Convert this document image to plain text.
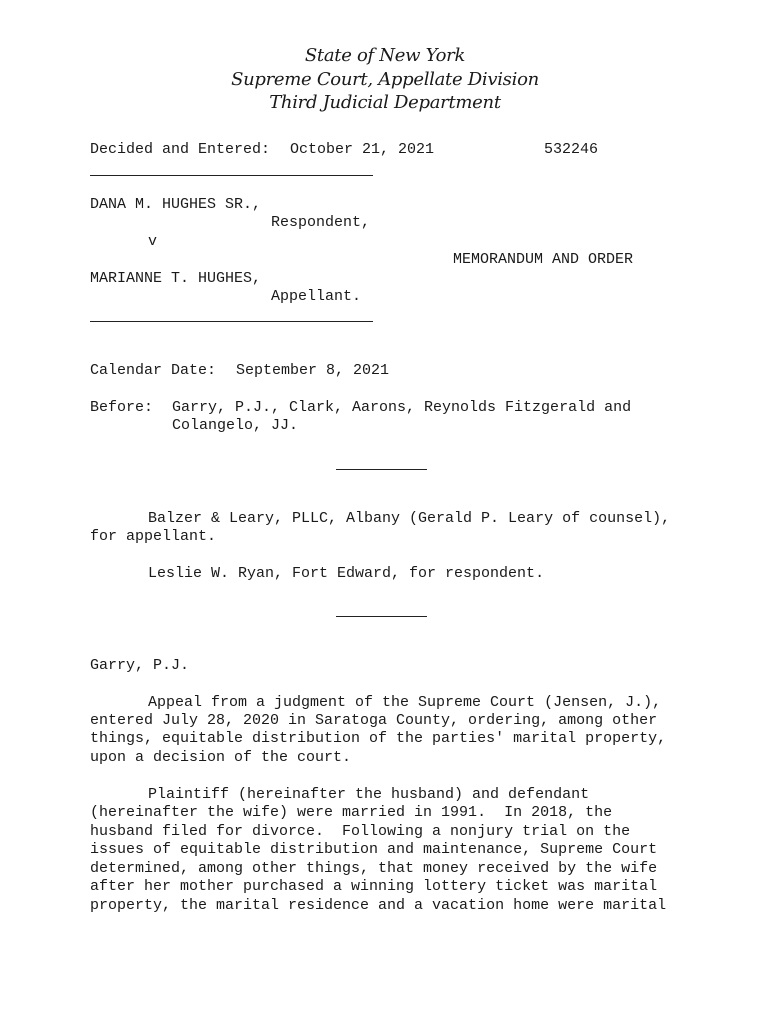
State of New York
Supreme Court, Appellate Division
Third Judicial Department
Decided and Entered: October 21, 2021	532246
DANA M. HUGHES SR.,
Respondent,
v
MEMORANDUM AND ORDER
MARIANNE T. HUGHES,
Appellant.
Calendar Date: September 8, 2021
Before: Garry, P.J., Clark, Aarons, Reynolds Fitzgerald and
Colangelo, JJ.
Balzer & Leary, PLLC, Albany (Gerald P. Leary of counsel),
for appellant.
Leslie W. Ryan, Fort Edward, for respondent.
Garry, P.J.
Appeal from a judgment of the Supreme Court (Jensen, J.),
entered July 28, 2020 in Saratoga County, ordering, among other
things, equitable distribution of the parties' marital property,
upon a decision of the court.
Plaintiff (hereinafter the husband) and defendant
(hereinafter the wife) were married in 1991.  In 2018, the
husband filed for divorce.  Following a nonjury trial on the
issues of equitable distribution and maintenance, Supreme Court
determined, among other things, that money received by the wife
after her mother purchased a winning lottery ticket was marital
property, the marital residence and a vacation home were marital
